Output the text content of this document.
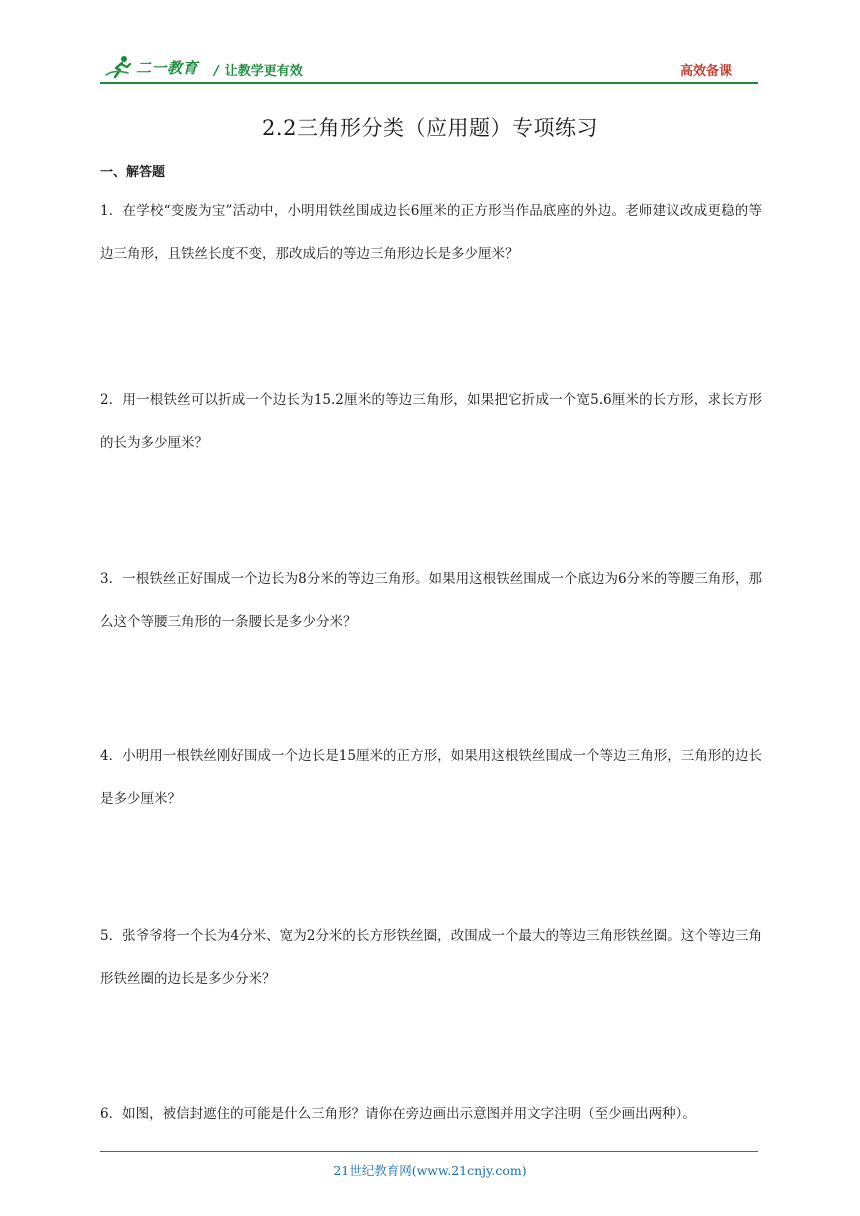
二一教育 / 让教学更有效	高效备课
2.2三角形分类（应用题）专项练习
一、解答题
1．在学校“变废为宝”活动中，小明用铁丝围成边长6厘米的正方形当作品底座的外边。老师建议改成更稳的等边三角形，且铁丝长度不变，那改成后的等边三角形边长是多少厘米？
2．用一根铁丝可以折成一个边长为15.2厘米的等边三角形，如果把它折成一个宽5.6厘米的长方形，求长方形的长为多少厘米？
3．一根铁丝正好围成一个边长为8分米的等边三角形。如果用这根铁丝围成一个底边为6分米的等腰三角形，那么这个等腰三角形的一条腰长是多少分米？
4．小明用一根铁丝刚好围成一个边长是15厘米的正方形，如果用这根铁丝围成一个等边三角形，三角形的边长是多少厘米？
5．张爷爷将一个长为4分米、宽为2分米的长方形铁丝圈，改围成一个最大的等边三角形铁丝圈。这个等边三角形铁丝圈的边长是多少分米？
6．如图，被信封遮住的可能是什么三角形？请你在旁边画出示意图并用文字注明（至少画出两种）。
21世纪教育网(www.21cnjy.com)
